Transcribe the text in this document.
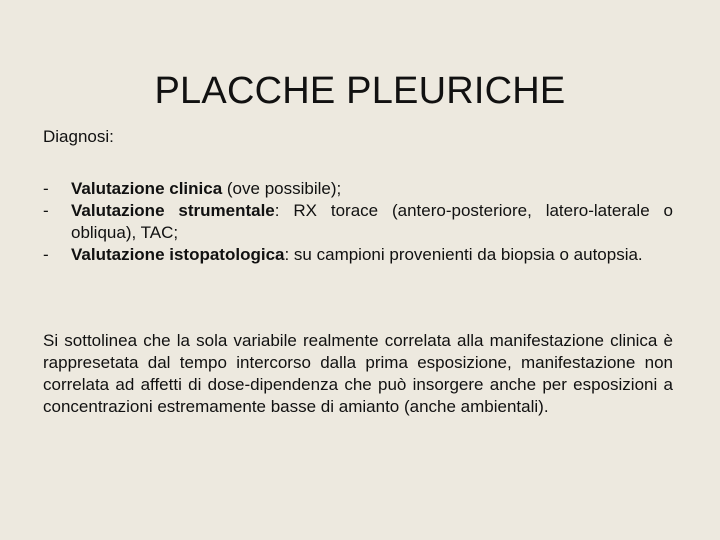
PLACCHE PLEURICHE
Diagnosi:
-	Valutazione clinica (ove possibile);
-	Valutazione strumentale: RX torace (antero-posteriore, latero-laterale o obliqua), TAC;
-	Valutazione istopatologica: su campioni provenienti da biopsia o autopsia.

Si sottolinea che la sola variabile realmente correlata alla manifestazione clinica è rappresetata dal tempo intercorso dalla prima esposizione, manifestazione non correlata ad affetti di dose-dipendenza che può insorgere anche per esposizioni a concentrazioni estremamente basse di amianto (anche ambientali).
